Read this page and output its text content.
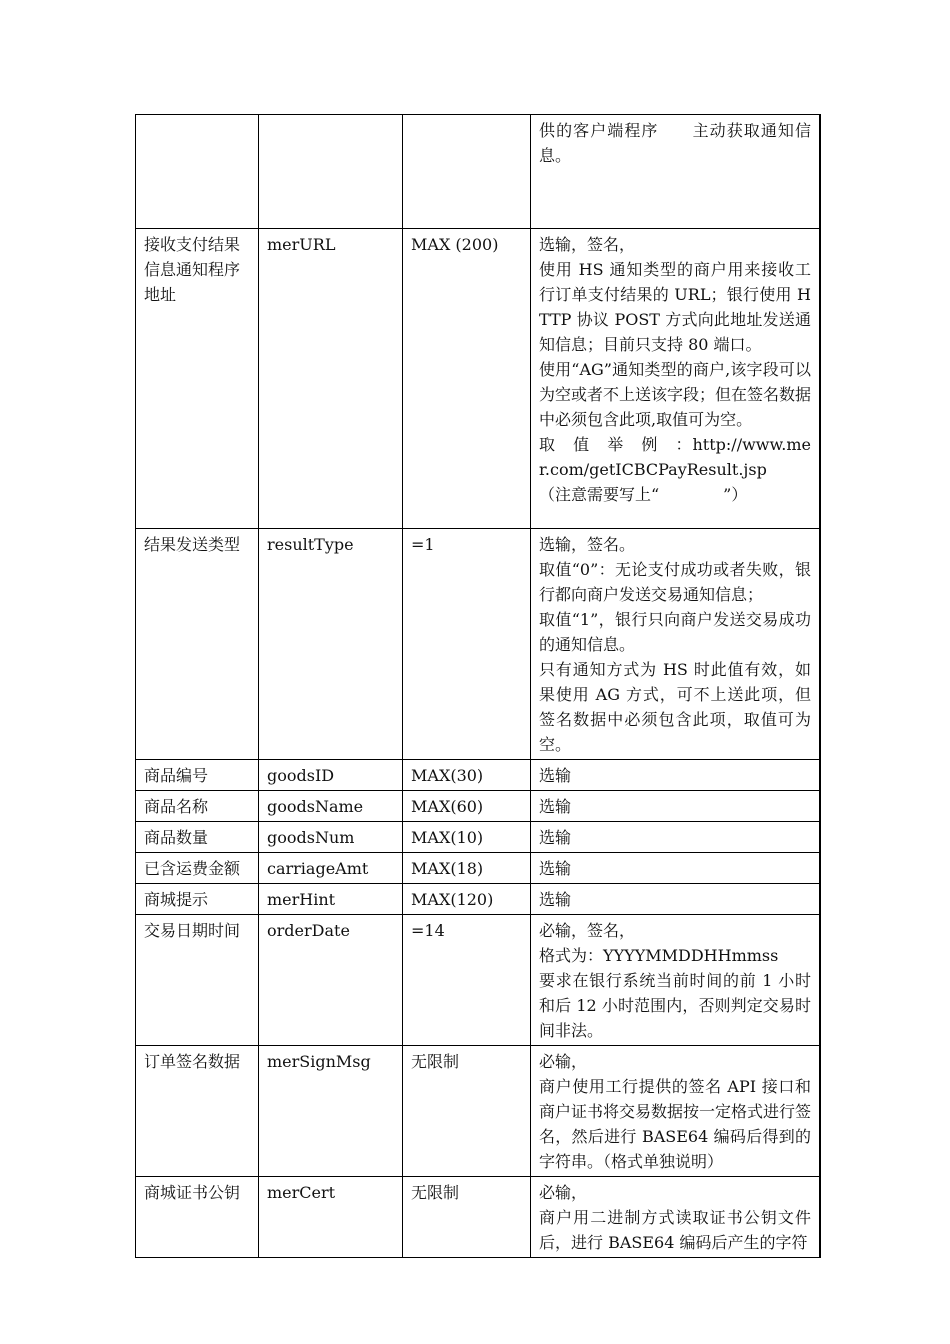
			供的客户端程序　　主动获取通知信息。

接收支付结果信息通知程序地址	merURL	MAX (200)	选输，签名，
使用 HS 通知类型的商户用来接收工行订单支付结果的 URL；银行使用 HTTP 协议 POST 方式向此地址发送通知信息；目前只支持 80 端口。
使用“AG”通知类型的商户,该字段可以为空或者不上送该字段；但在签名数据中必须包含此项,取值可为空。
取　值　举　例　：http://www.mer.com/getICBCPayResult.jsp
（注意需要写上“　　　　”）

结果发送类型	resultType	=1	选输，签名。
取值“0”：无论支付成功或者失败，银行都向商户发送交易通知信息；
取值“1”，银行只向商户发送交易成功的通知信息。
只有通知方式为 HS 时此值有效，如果使用 AG 方式，可不上送此项，但签名数据中必须包含此项，取值可为空。

商品编号	goodsID	MAX(30)	选输

商品名称	goodsName	MAX(60)	选输

商品数量	goodsNum	MAX(10)	选输

已含运费金额	carriageAmt	MAX(18)	选输

商城提示	merHint	MAX(120)	选输

交易日期时间	orderDate	=14	必输，签名，
格式为：YYYYMMDDHHmmss
要求在银行系统当前时间的前 1 小时和后 12 小时范围内，否则判定交易时间非法。

订单签名数据	merSignMsg	无限制	必输，
商户使用工行提供的签名 API 接口和商户证书将交易数据按一定格式进行签名，然后进行 BASE64 编码后得到的字符串。（格式单独说明）

商城证书公钥	merCert	无限制	必输，
商户用二进制方式读取证书公钥文件后，进行 BASE64 编码后产生的字符
